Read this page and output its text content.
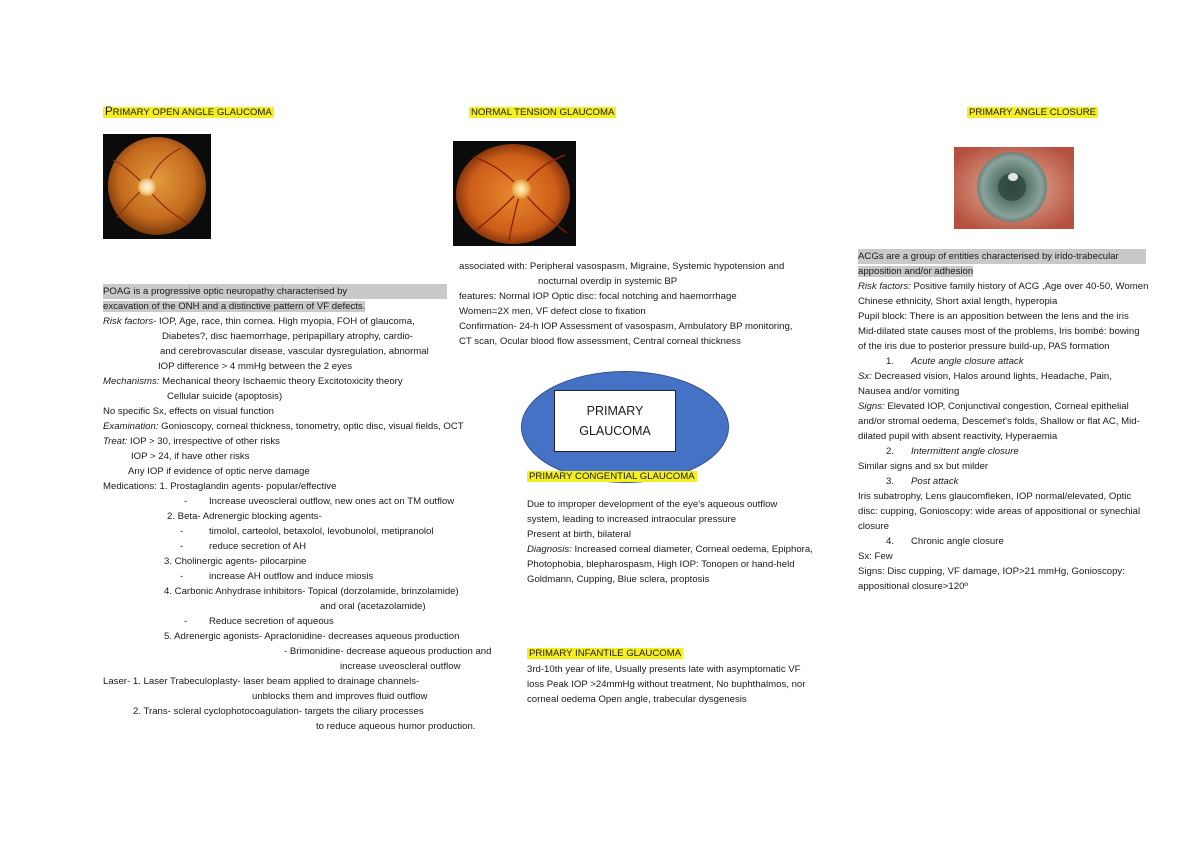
PRIMARY OPEN ANGLE GLAUCOMA
POAG is a progressive optic neuropathy characterised by
excavation of the ONH and a distinctive pattern of VF defects.
Risk factors- IOP, Age, race, thin cornea. High myopia, FOH of glaucoma,
Diabetes?, disc haemorrhage, peripapillary atrophy, cardio-
and cerebrovascular disease, vascular dysregulation, abnormal
IOP difference > 4 mmHg between the 2 eyes
Mechanisms: Mechanical theory Ischaemic theory Excitotoxicity theory
Cellular suicide (apoptosis)
No specific Sx, effects on visual function
Examination: Gonioscopy, corneal thickness, tonometry, optic disc, visual fields, OCT
Treat: IOP > 30, irrespective of other risks
IOP > 24, if have other risks
Any IOP if evidence of optic nerve damage
Medications: 1. Prostaglandin agents- popular/effective
- Increase uveoscleral outflow, new ones act on TM outflow
2. Beta- Adrenergic blocking agents-
-	timolol, carteolol, betaxolol, levobunolol, metipranolol
-	reduce secretion of AH
3. Cholinergic agents- pilocarpine
-	increase AH outflow and induce miosis
4. Carbonic Anhydrase inhibitors- Topical (dorzolamide, brinzolamide)
and oral (acetazolamide)
- Reduce secretion of aqueous
5. Adrenergic agonists- Apraclonidine- decreases aqueous production
- Brimonidine- decrease aqueous production and
increase uveoscleral outflow
Laser- 1. Laser Trabeculoplasty- laser beam applied to drainage channels-
unblocks them and improves fluid outflow
2. Trans- scleral cyclophotocoagulation- targets the ciliary processes
to reduce aqueous humor production.
NORMAL TENSION GLAUCOMA
associated with: Peripheral vasospasm, Migraine, Systemic hypotension and
nocturnal overdip in systemic BP
features: Normal IOP Optic disc: focal notching and haemorrhage
Women=2X men, VF defect close to fixation
Confirmation- 24-h IOP Assessment of vasospasm, Ambulatory BP monitoring,
CT scan, Ocular blood flow assessment, Central corneal thickness
PRIMARY
GLAUCOMA
PRIMARY CONGENTIAL GLAUCOMA
Due to improper development of the eye's aqueous outflow
system, leading to increased intraocular pressure
Present at birth, bilateral
Diagnosis: Increased corneal diameter, Corneal oedema, Epiphora,
Photophobia, blepharospasm, High IOP: Tonopen or hand-held
Goldmann, Cupping, Blue sclera, proptosis
PRIMARY INFANTILE GLAUCOMA
3rd-10th year of life, Usually presents late with asymptomatic VF
loss Peak IOP >24mmHg without treatment, No buphthalmos, nor
corneal oedema Open angle, trabecular dysgenesis
PRIMARY ANGLE CLOSURE
ACGs are a group of entities characterised by irido-trabecular
apposition and/or adhesion
Risk factors: Positive family history of ACG ,Age over 40-50, Women
Chinese ethnicity, Short axial length, hyperopia
Pupil block: There is an apposition between the lens and the iris
Mid-dilated state causes most of the problems, Iris bombé: bowing
of the iris due to posterior pressure build-up, PAS formation
1. Acute angle closure attack
Sx: Decreased vision, Halos around lights, Headache, Pain,
Nausea and/or vomiting
Signs: Elevated IOP, Conjunctival congestion, Corneal epithelial
and/or stromal oedema, Descemet's folds, Shallow or flat AC, Mid-
dilated pupil with absent reactivity, Hyperaemia
2. Intermittent angle closure
Similar signs and sx but milder
3. Post attack
Iris subatrophy, Lens glaucomfleken, IOP normal/elevated, Optic
disc: cupping, Gonioscopy: wide areas of appositional or synechial
closure
4. Chronic angle closure
Sx: Few
Signs: Disc cupping, VF damage, IOP>21 mmHg, Gonioscopy:
appositional closure>120º
